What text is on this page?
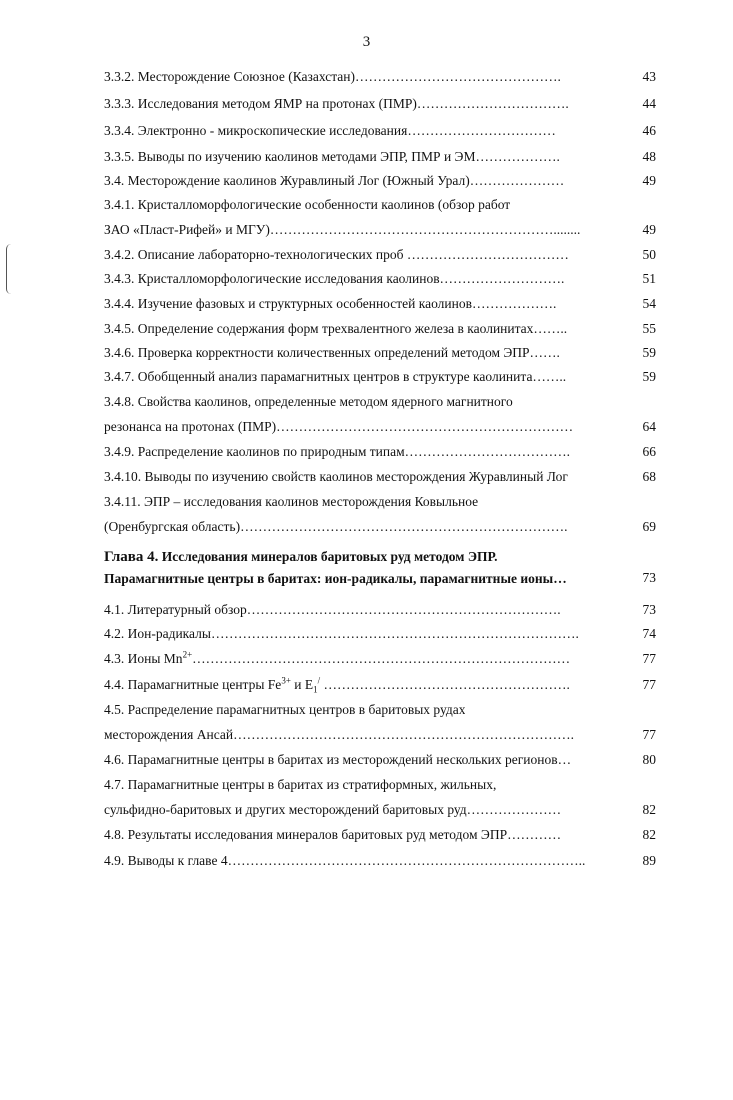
3
3.3.2. Месторождение Союзное (Казахстан)……………………………………….	43
3.3.3. Исследования методом ЯМР на протонах (ПМР)…………………………….	44
3.3.4. Электронно - микроскопические исследования……………………………	46
3.3.5. Выводы по изучению каолинов методами ЭПР, ПМР и ЭМ……………….	48
3.4. Месторождение каолинов Журавлиный Лог (Южный Урал)…………………	49
3.4.1. Кристалломорфологические особенности каолинов (обзор работ
ЗАО «Пласт-Рифей» и МГУ)………………………………………………………........	49
3.4.2. Описание лабораторно-технологических проб ………………………………	50
3.4.3. Кристалломорфологические исследования каолинов……………………….	51
3.4.4. Изучение фазовых и структурных особенностей каолинов……………….	54
3.4.5. Определение содержания форм трехвалентного железа в каолинитах……..	55
3.4.6. Проверка корректности количественных определений методом ЭПР…….	59
3.4.7. Обобщенный анализ парамагнитных центров в структуре каолинита……..	59
3.4.8. Свойства каолинов, определенные методом ядерного магнитного
резонанса на протонах (ПМР)…………………………………………………………	64
3.4.9. Распределение каолинов по природным типам……………………………….	66
3.4.10. Выводы по изучению свойств каолинов месторождения Журавлиный Лог	68
3.4.11. ЭПР – исследования каолинов месторождения Ковыльное
(Оренбургская область)……………………………………………………………….	69
Глава 4. Исследования минералов баритовых руд методом ЭПР.
Парамагнитные центры в баритах: ион-радикалы, парамагнитные ионы…	73
4.1. Литературный обзор…………………………………………………………….	73
4.2. Ион-радикалы……………………………………………………………………….	74
4.3. Ионы $Mn^{2+}\dots\dots\dots\dots\dots\dots\dots\dots\dots\dots\dots\dots\dots\dots\dots\dots\dots\dots\dots\dots\dots\dots\dots\dots\dots\dots\dots\dots$	77
4.4. Парамагнитные центры $Fe^{3+}$ и $E_1^/$ ……………………………………………….	77
4.5. Распределение парамагнитных центров в баритовых рудах
месторождения Ансай………………………………………………………………….	77
4.6. Парамагнитные центры в баритах из месторождений нескольких регионов…	80
4.7. Парамагнитные центры в баритах из стратиформных, жильных,
сульфидно-баритовых и других месторождений баритовых руд…………………	82
4.8. Результаты исследования минералов баритовых руд методом ЭПР…………	82
4.9. Выводы к главе 4……………………………………………………………………..	89
